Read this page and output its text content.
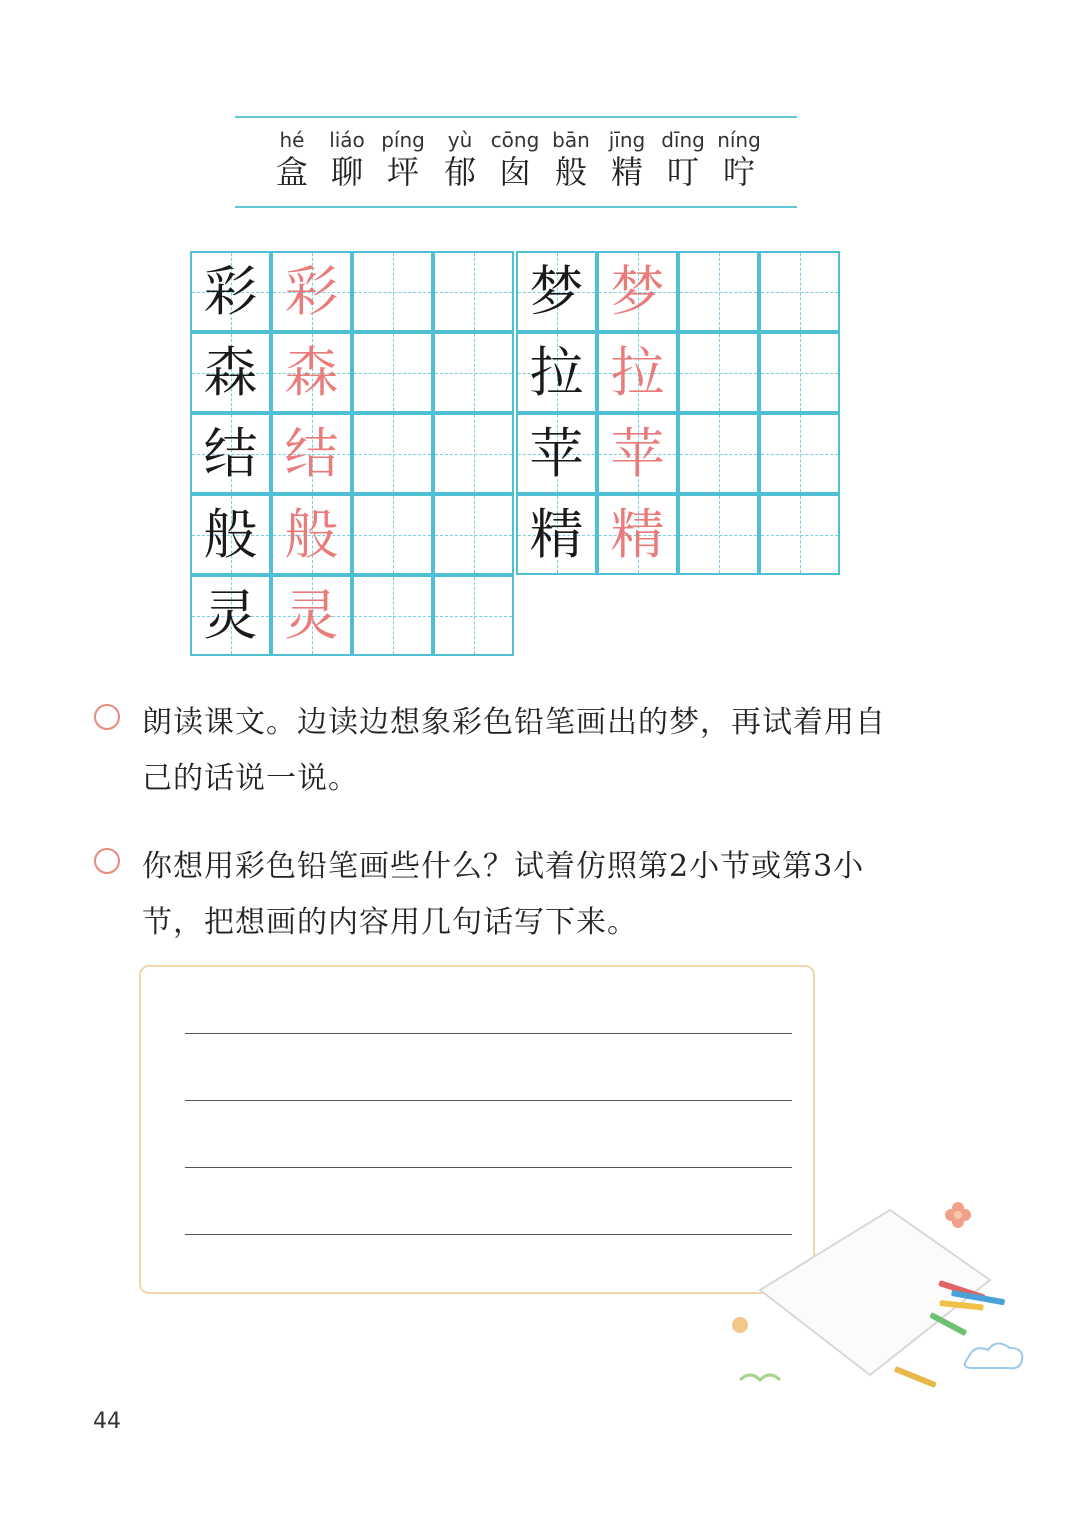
hé
盒
liáo
聊
píng
坪
yù
郁
cōng
囱
bān
般
jīng
精
dīng
叮
níng
咛
彩 彩
森 森
结 结
般 般
灵 灵
梦 梦
拉 拉
苹 苹
精 精
朗读课文。边读边想象彩色铅笔画出的梦，再试着用自
己的话说一说。
你想用彩色铅笔画些什么？试着仿照第2小节或第3小
节，把想画的内容用几句话写下来。
44
